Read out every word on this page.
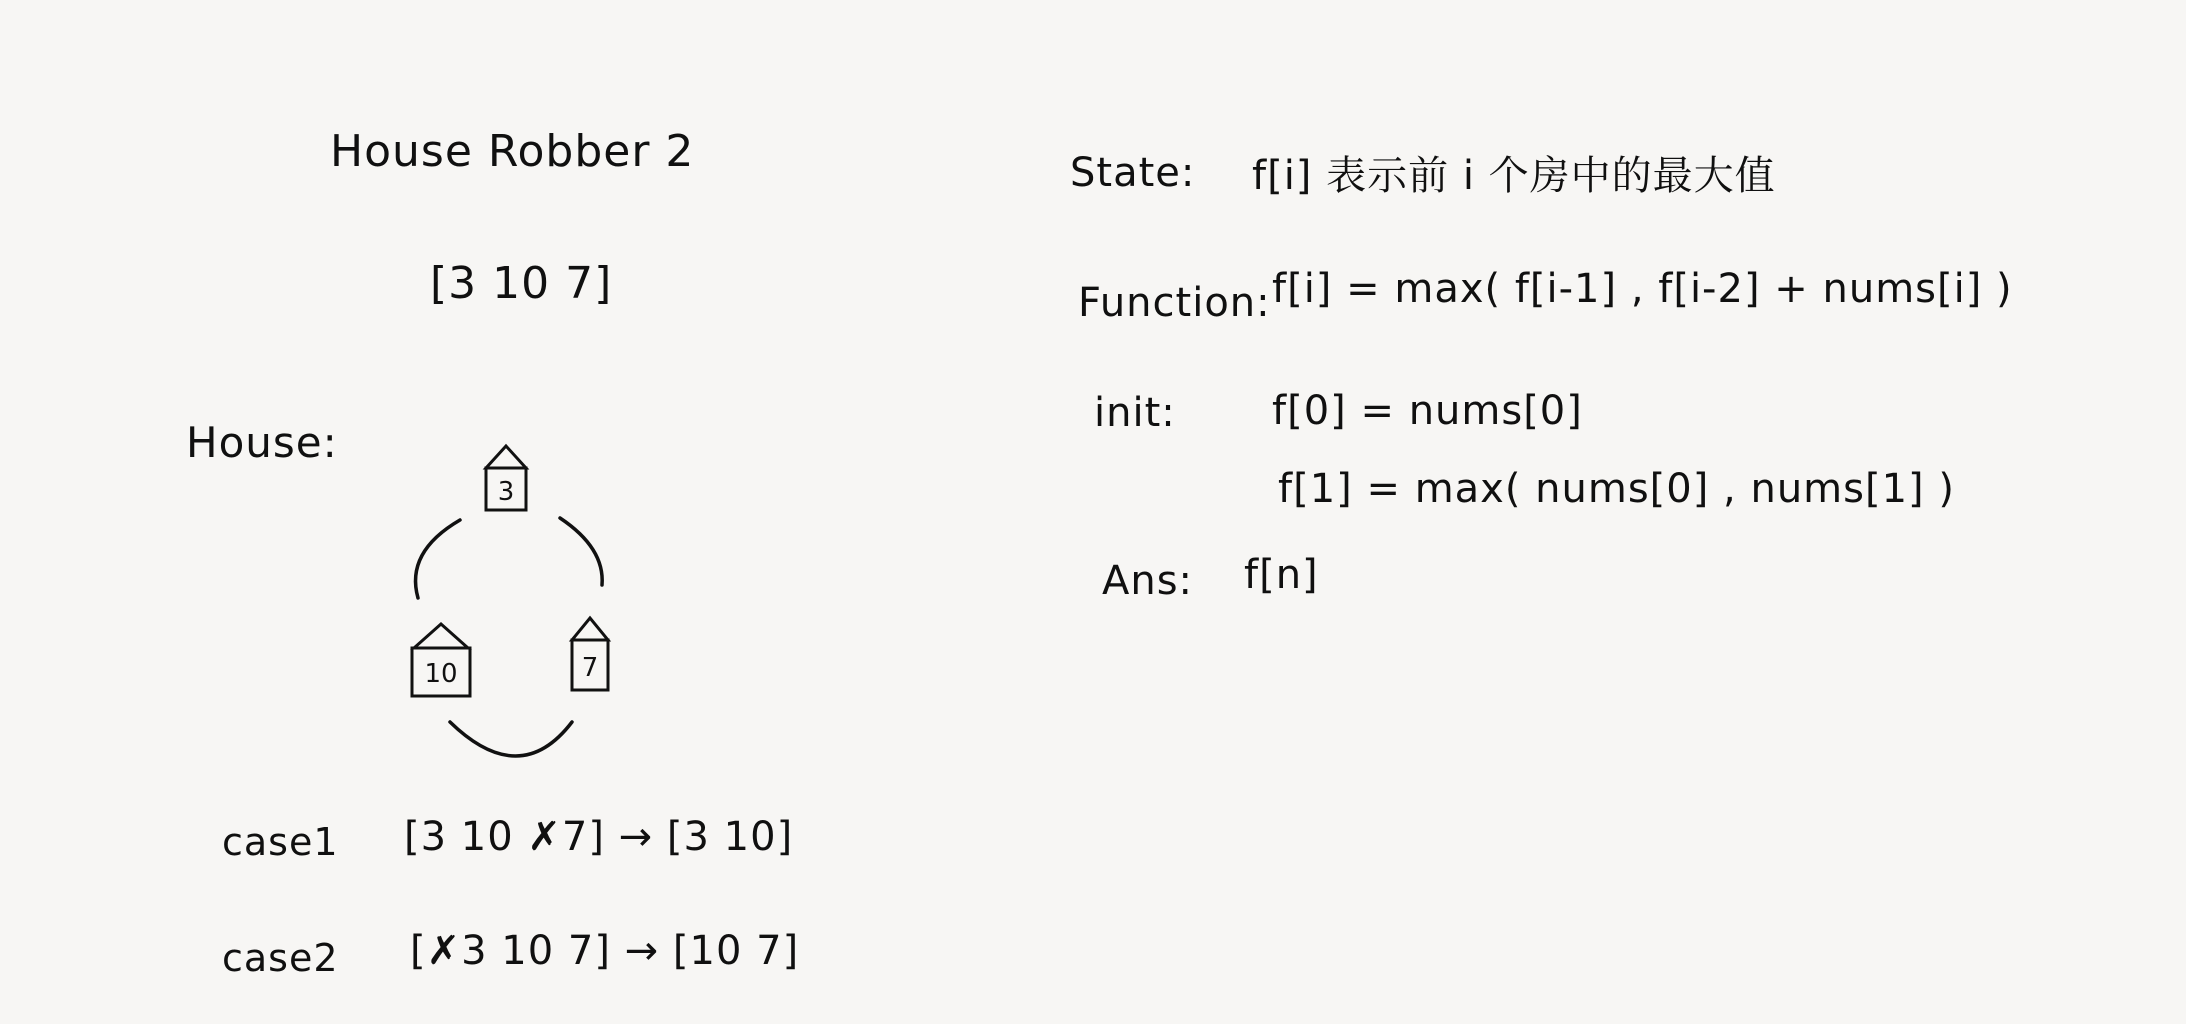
House Robber 2
[3 10 7]
House:
3
10	7
case1 [3 10 ✗7] → [3 10]
case2 [✗3 10 7] → [10 7]
State: f[i] 表示前 i 个房中的最大值
Function: f[i] = max( f[i-1] , f[i-2] + nums[i] )
init: f[0] = nums[0]
f[1] = max( nums[0] , nums[1] )
Ans: f[n]
